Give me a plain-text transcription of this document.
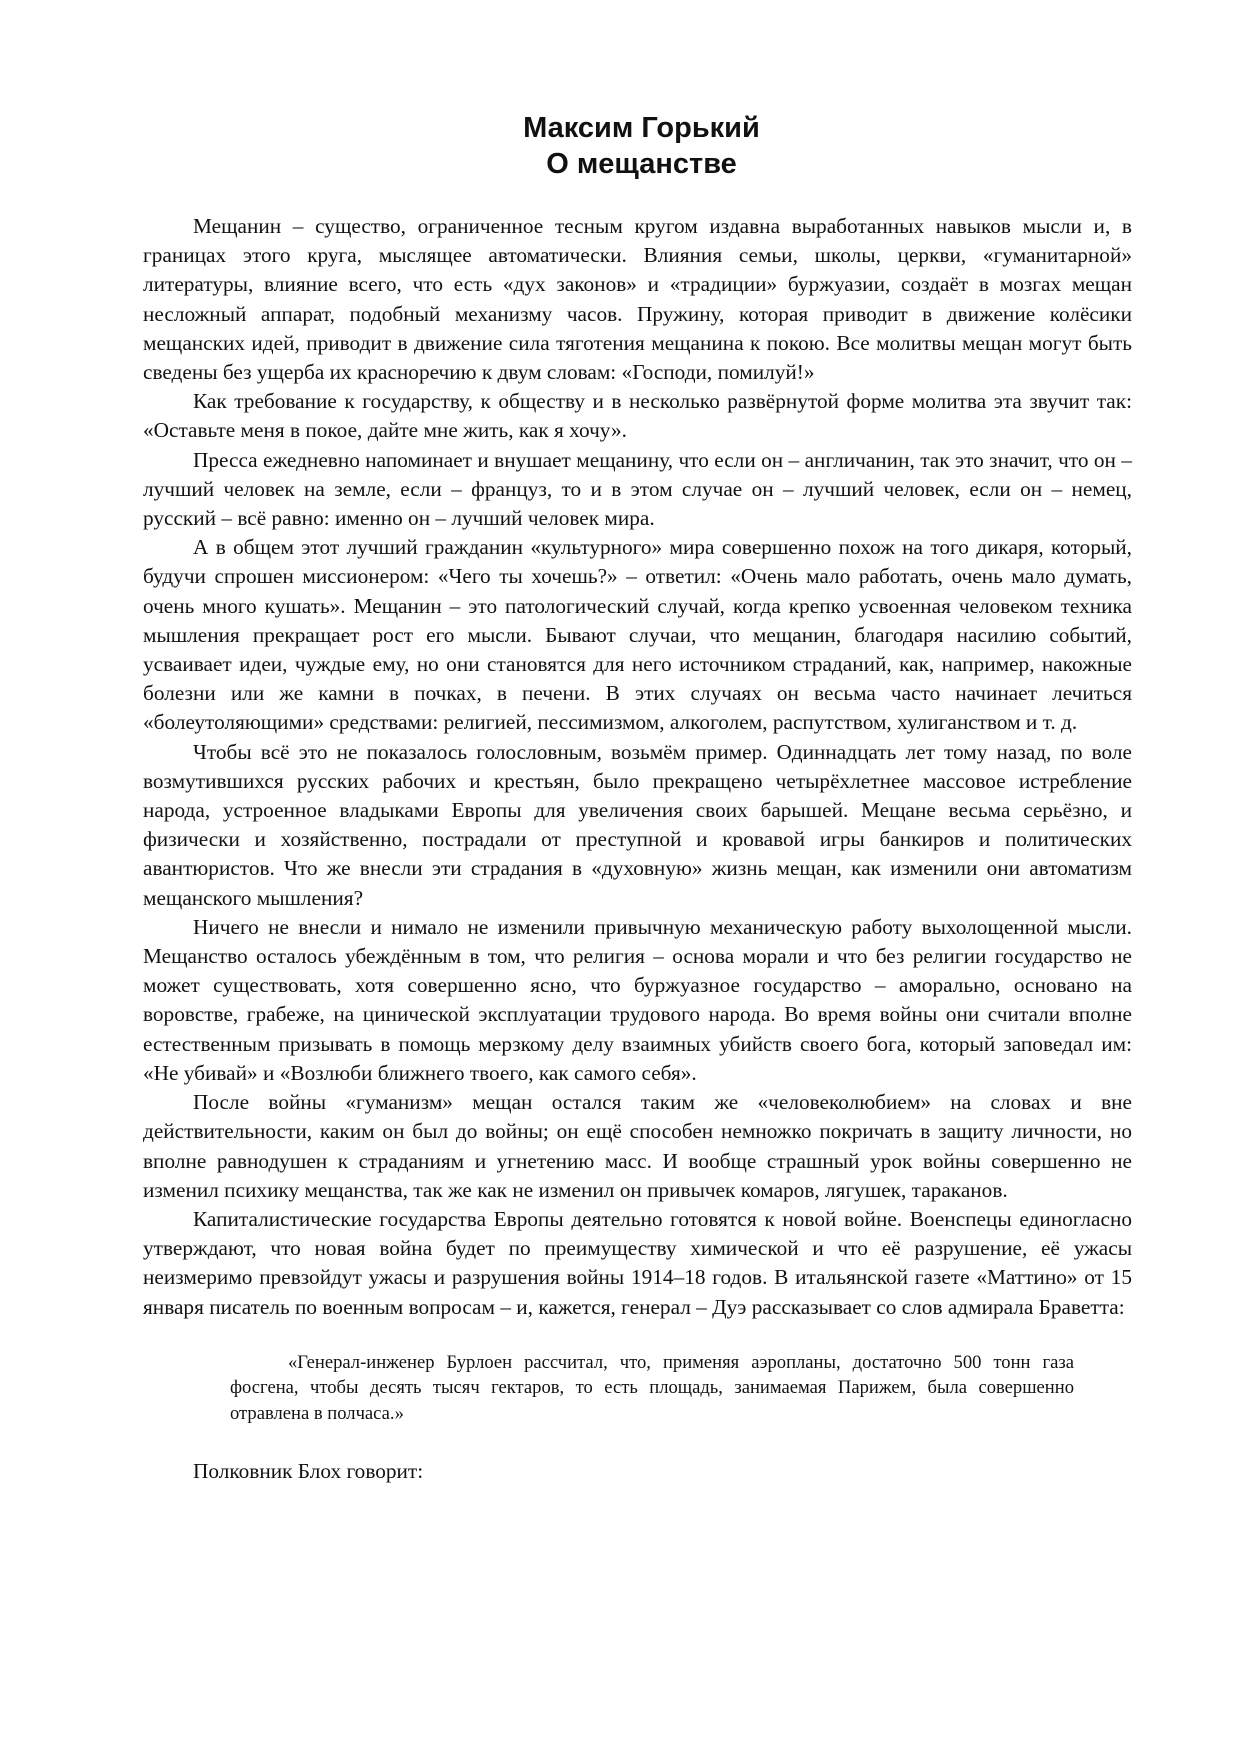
Максим Горький
О мещанстве

Мещанин – существо, ограниченное тесным кругом издавна выработанных навыков мысли и, в границах этого круга, мыслящее автоматически. Влияния семьи, школы, церкви, «гуманитарной» литературы, влияние всего, что есть «дух законов» и «традиции» буржуазии, создаёт в мозгах мещан несложный аппарат, подобный механизму часов. Пружину, которая приводит в движение колёсики мещанских идей, приводит в движение сила тяготения мещанина к покою. Все молитвы мещан могут быть сведены без ущерба их красноречию к двум словам: «Господи, помилуй!»

Как требование к государству, к обществу и в несколько развёрнутой форме молитва эта звучит так: «Оставьте меня в покое, дайте мне жить, как я хочу».

Пресса ежедневно напоминает и внушает мещанину, что если он – англичанин, так это значит, что он – лучший человек на земле, если – француз, то и в этом случае он – лучший человек, если он – немец, русский – всё равно: именно он – лучший человек мира.

А в общем этот лучший гражданин «культурного» мира совершенно похож на того дикаря, который, будучи спрошен миссионером: «Чего ты хочешь?» – ответил: «Очень мало работать, очень мало думать, очень много кушать». Мещанин – это патологический случай, когда крепко усвоенная человеком техника мышления прекращает рост его мысли. Бывают случаи, что мещанин, благодаря насилию событий, усваивает идеи, чуждые ему, но они становятся для него источником страданий, как, например, накожные болезни или же камни в почках, в печени. В этих случаях он весьма часто начинает лечиться «болеутоляющими» средствами: религией, пессимизмом, алкоголем, распутством, хулиганством и т. д.

Чтобы всё это не показалось голословным, возьмём пример. Одиннадцать лет тому назад, по воле возмутившихся русских рабочих и крестьян, было прекращено четырёхлетнее массовое истребление народа, устроенное владыками Европы для увеличения своих барышей. Мещане весьма серьёзно, и физически и хозяйственно, пострадали от преступной и кровавой игры банкиров и политических авантюристов. Что же внесли эти страдания в «духовную» жизнь мещан, как изменили они автоматизм мещанского мышления?

Ничего не внесли и нимало не изменили привычную механическую работу выхолощенной мысли. Мещанство осталось убеждённым в том, что религия – основа морали и что без религии государство не может существовать, хотя совершенно ясно, что буржуазное государство – аморально, основано на воровстве, грабеже, на цинической эксплуатации трудового народа. Во время войны они считали вполне естественным призывать в помощь мерзкому делу взаимных убийств своего бога, который заповедал им: «Не убивай» и «Возлюби ближнего твоего, как самого себя».

После войны «гуманизм» мещан остался таким же «человеколюбием» на словах и вне действительности, каким он был до войны; он ещё способен немножко покричать в защиту личности, но вполне равнодушен к страданиям и угнетению масс. И вообще страшный урок войны совершенно не изменил психику мещанства, так же как не изменил он привычек комаров, лягушек, тараканов.

Капиталистические государства Европы деятельно готовятся к новой войне. Военспецы единогласно утверждают, что новая война будет по преимуществу химической и что её разрушение, её ужасы неизмеримо превзойдут ужасы и разрушения войны 1914–18 годов. В итальянской газете «Маттино» от 15 января писатель по военным вопросам – и, кажется, генерал – Дуэ рассказывает со слов адмирала Браветта:

«Генерал-инженер Бурлоен рассчитал, что, применяя аэропланы, достаточно 500 тонн газа фосгена, чтобы десять тысяч гектаров, то есть площадь, занимаемая Парижем, была совершенно отравлена в полчаса.»

Полковник Блох говорит:
